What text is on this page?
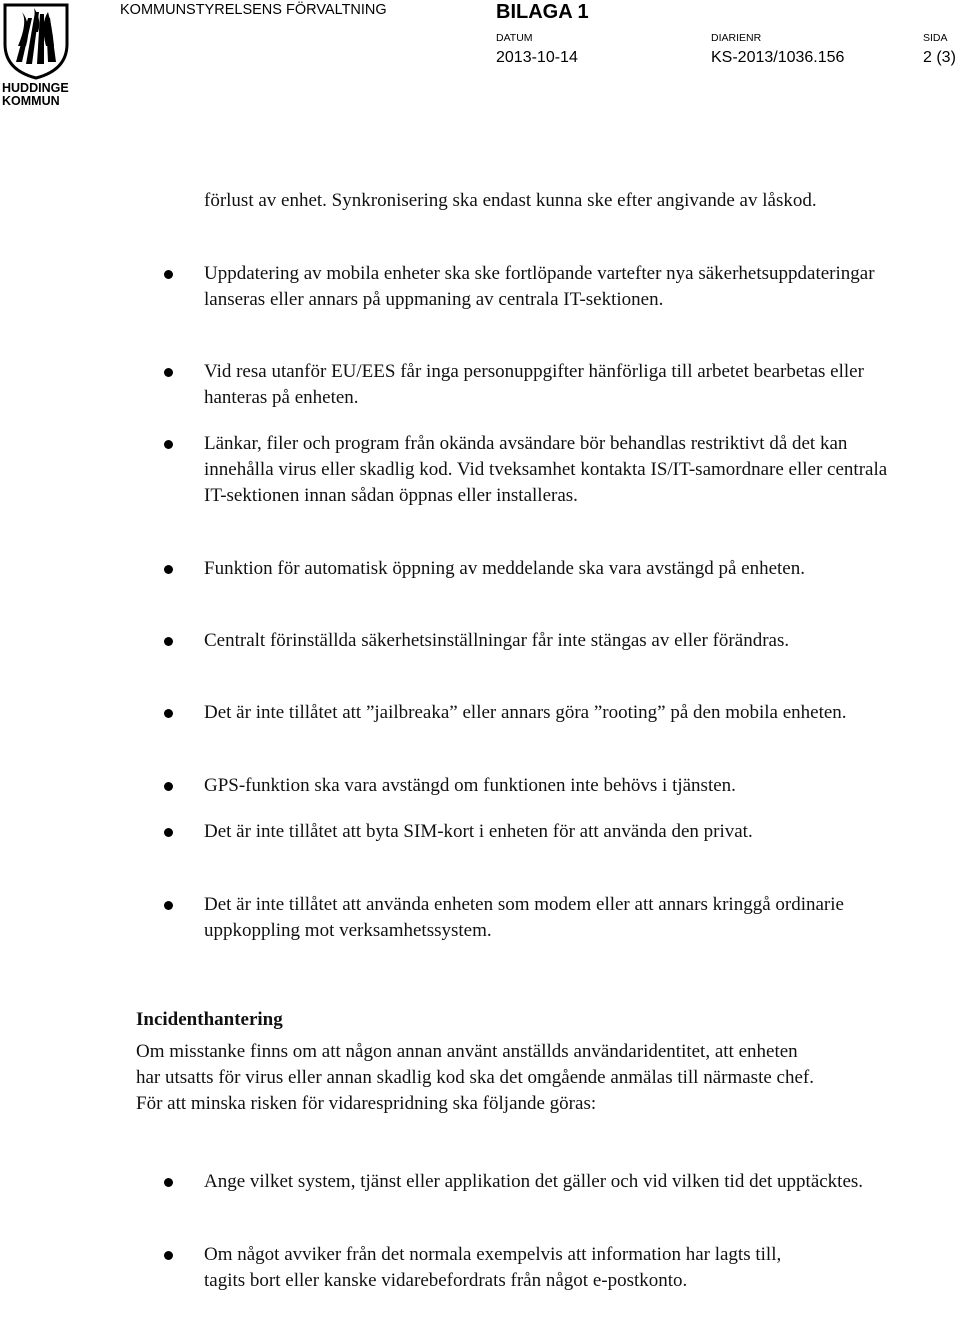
HUDDINGE
KOMMUN
KOMMUNSTYRELSENS FÖRVALTNING	BILAGA 1
DATUM
2013-10-14
DIARIENR
KS-2013/1036.156
SIDA
2 (3)

förlust av enhet. Synkronisering ska endast kunna ske efter angivande av låskod.

Uppdatering av mobila enheter ska ske fortlöpande vartefter nya säkerhetsuppdateringar lanseras eller annars på uppmaning av centrala IT-sektionen.
Vid resa utanför EU/EES får inga personuppgifter hänförliga till arbetet bearbetas eller hanteras på enheten.
Länkar, filer och program från okända avsändare bör behandlas restriktivt då det kan innehålla virus eller skadlig kod. Vid tveksamhet kontakta IS/IT-samordnare eller centrala IT-sektionen innan sådan öppnas eller installeras.
Funktion för automatisk öppning av meddelande ska vara avstängd på enheten.
Centralt förinställda säkerhetsinställningar får inte stängas av eller förändras.
Det är inte tillåtet att ”jailbreaka” eller annars göra ”rooting” på den mobila enheten.
GPS-funktion ska vara avstängd om funktionen inte behövs i tjänsten.
Det är inte tillåtet att byta SIM-kort i enheten för att använda den privat.
Det är inte tillåtet att använda enheten som modem eller att annars kringgå ordinarie uppkoppling mot verksamhetssystem.

Incidenthantering

Om misstanke finns om att någon annan använt anställds användaridentitet, att enheten har utsatts för virus eller annan skadlig kod ska det omgående anmälas till närmaste chef. För att minska risken för vidarespridning ska följande göras:

Ange vilket system, tjänst eller applikation det gäller och vid vilken tid det upptäcktes.
Om något avviker från det normala exempelvis att information har lagts till, tagits bort eller kanske vidarebefordrats från något e-postkonto.
